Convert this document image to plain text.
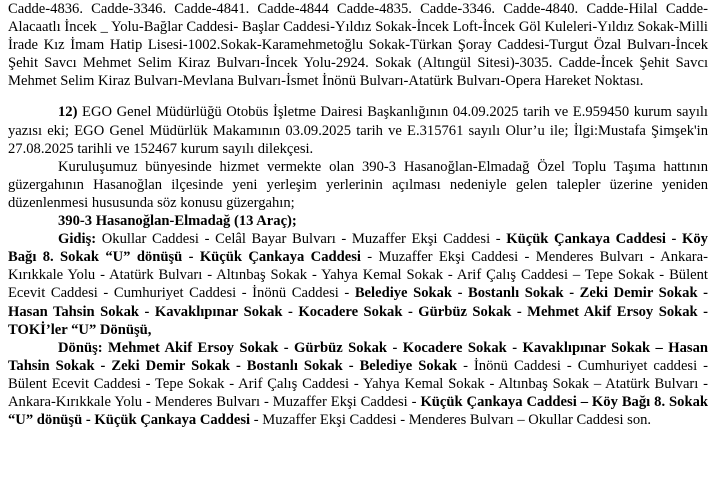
Cadde-4836. Cadde-3346. Cadde-4841. Cadde-4844 Cadde-4835. Cadde-3346. Cadde-4840. Cadde-Hilal Cadde-Alacaatlı İncek _ Yolu-Bağlar Caddesi- Başlar Caddesi-Yıldız Sokak-İncek Loft-İncek Göl Kuleleri-Yıldız Sokak-Milli İrade Kız İmam Hatip Lisesi-1002.Sokak-Karamehmetoğlu Sokak-Türkan Şoray Caddesi-Turgut Özal Bulvarı-İncek Şehit Savcı Mehmet Selim Kiraz Bulvarı-İncek Yolu-2924. Sokak (Altıngül Sitesi)-3035. Cadde-İncek Şehit Savcı Mehmet Selim Kiraz Bulvarı-Mevlana Bulvarı-İsmet İnönü Bulvarı-Atatürk Bulvarı-Opera Hareket Noktası.

12) EGO Genel Müdürlüğü Otobüs İşletme Dairesi Başkanlığının 04.09.2025 tarih ve E.959450 kurum sayılı yazısı eki; EGO Genel Müdürlük Makamının 03.09.2025 tarih ve E.315761 sayılı Olur’u ile; İlgi:Mustafa Şimşek'in 27.08.2025 tarihli ve 152467 kurum sayılı dilekçesi.

Kuruluşumuz bünyesinde hizmet vermekte olan 390-3 Hasanoğlan-Elmadağ Özel Toplu Taşıma hattının güzergahının Hasanoğlan ilçesinde yeni yerleşim yerlerinin açılması nedeniyle gelen talepler üzerine yeniden düzenlenmesi hususunda söz konusu güzergahın;

390-3 Hasanoğlan-Elmadağ (13 Araç);

Gidiş: Okullar Caddesi - Celâl Bayar Bulvarı - Muzaffer Ekşi Caddesi - Küçük Çankaya Caddesi - Köy Bağı 8. Sokak “U” dönüşü - Küçük Çankaya Caddesi - Muzaffer Ekşi Caddesi - Menderes Bulvarı - Ankara-Kırıkkale Yolu - Atatürk Bulvarı - Altınbaş Sokak - Yahya Kemal Sokak - Arif Çalış Caddesi – Tepe Sokak - Bülent Ecevit Caddesi - Cumhuriyet Caddesi - İnönü Caddesi - Belediye Sokak - Bostanlı Sokak - Zeki Demir Sokak - Hasan Tahsin Sokak - Kavaklıpınar Sokak - Kocadere Sokak - Gürbüz Sokak - Mehmet Akif Ersoy Sokak - TOKİ’ler “U” Dönüşü,

Dönüş: Mehmet Akif Ersoy Sokak - Gürbüz Sokak - Kocadere Sokak - Kavaklıpınar Sokak – Hasan Tahsin Sokak - Zeki Demir Sokak - Bostanlı Sokak - Belediye Sokak - İnönü Caddesi - Cumhuriyet caddesi - Bülent Ecevit Caddesi - Tepe Sokak - Arif Çalış Caddesi - Yahya Kemal Sokak - Altınbaş Sokak – Atatürk Bulvarı - Ankara-Kırıkkale Yolu - Menderes Bulvarı - Muzaffer Ekşi Caddesi - Küçük Çankaya Caddesi – Köy Bağı 8. Sokak “U” dönüşü - Küçük Çankaya Caddesi - Muzaffer Ekşi Caddesi - Menderes Bulvarı – Okullar Caddesi son.
